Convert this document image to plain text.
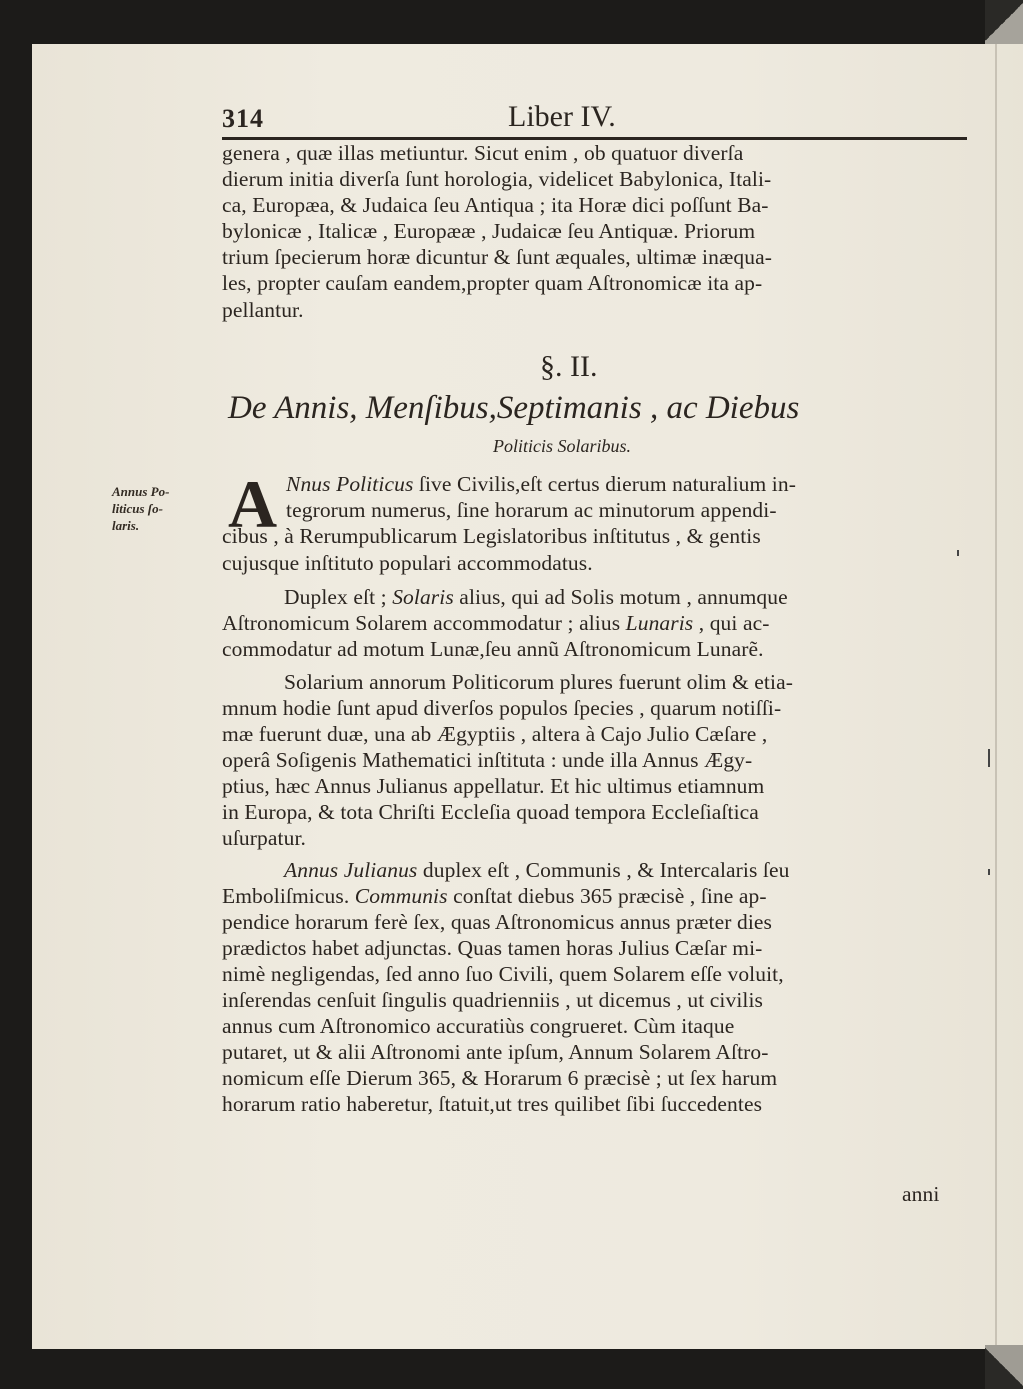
314	Liber IV.
genera , quæ illas metiuntur. Sicut enim , ob quatuor diverſa
dierum initia diverſa ſunt horologia, videlicet Babylonica, Itali-
ca, Europæa, & Judaica ſeu Antiqua ; ita Horæ dici poſſunt Ba-
bylonicæ , Italicæ , Europææ , Judaicæ ſeu Antiquæ. Priorum
trium ſpecierum horæ dicuntur & ſunt æquales, ultimæ inæqua-
les, propter cauſam eandem,propter quam Aſtronomicæ ita ap-
pellantur.
§. II.
De Annis, Menſibus,Septimanis , ac Diebus
Politicis Solaribus.
Annus Po-
liticus ſo-
laris. A Nnus Politicus ſive Civilis,eſt certus dierum naturalium in-
tegrorum numerus, ſine horarum ac minutorum appendi-
cibus , à Rerumpublicarum Legislatoribus inſtitutus , & gentis
cujusque inſtituto populari accommodatus.
Duplex eſt ; Solaris alius, qui ad Solis motum , annumque
Aſtronomicum Solarem accommodatur ; alius Lunaris , qui ac-
commodatur ad motum Lunæ,ſeu annũ Aſtronomicum Lunarẽ.
Solarium annorum Politicorum plures fuerunt olim & etia-
mnum hodie ſunt apud diverſos populos ſpecies , quarum notiſſi-
mæ fuerunt duæ, una ab Ægyptiis , altera à Cajo Julio Cæſare ,
operâ Soſigenis Mathematici inſtituta : unde illa Annus Ægy-
ptius, hæc Annus Julianus appellatur. Et hic ultimus etiamnum
in Europa, & tota Chriſti Eccleſia quoad tempora Eccleſiaſtica
uſurpatur.
Annus Julianus duplex eſt , Communis , & Intercalaris ſeu
Emboliſmicus. Communis conſtat diebus 365 præcisè , ſine ap-
pendice horarum ferè ſex, quas Aſtronomicus annus præter dies
prædictos habet adjunctas. Quas tamen horas Julius Cæſar mi-
nimè negligendas, ſed anno ſuo Civili, quem Solarem eſſe voluit,
inſerendas cenſuit ſingulis quadrienniis , ut dicemus , ut civilis
annus cum Aſtronomico accuratiùs congrueret. Cùm itaque
putaret, ut & alii Aſtronomi ante ipſum, Annum Solarem Aſtro-
nomicum eſſe Dierum 365, & Horarum 6 præcisè ; ut ſex harum
horarum ratio haberetur, ſtatuit,ut tres quilibet ſibi ſuccedentes
anni
